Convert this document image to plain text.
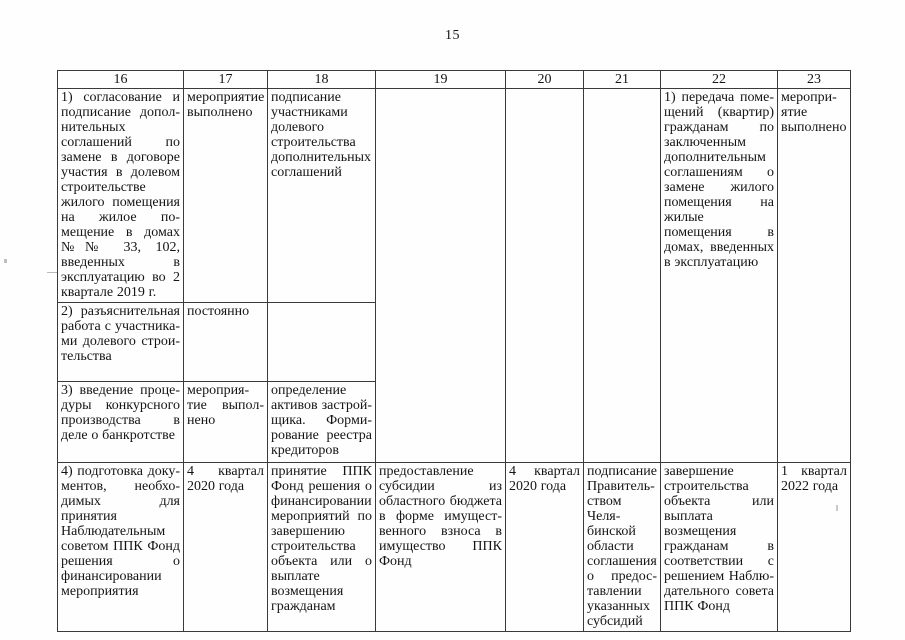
15
16	17	18	19	20	21	22	23
1) согласование и подписание дополнительных соглашений по замене в договоре участия в долевом строительстве жилого помещения на жилое помещение в домах №№ 33, 102, введенных в эксплуатацию во 2 квартале 2019 г.	мероприятие выполнено	подписание участниками долевого строительства дополнительных соглашений				1) передача помещений (квартир) гражданам по заключенным дополнительным соглашениям о замене жилого помещения на жилые помещения в домах, введенных в эксплуатацию	мероприятие выполнено
2) разъяснительная работа с участниками долевого строительства	постоянно						
3) введение процедуры конкурсного производства в деле о банкротстве	мероприятие выполнено	определение активов застройщика. Формирование реестра кредиторов					
4) подготовка документов, необходимых для принятия Наблюдательным советом ППК Фонд решения о финансировании мероприятия	4 квартал 2020 года	принятие ППК Фонд решения о финансировании мероприятий по завершению строительства объекта или о выплате возмещения гражданам	предоставление субсидии из областного бюджета в форме имущественного взноса в имущество ППК Фонд	4 квартал 2020 года	подписание Правительством Челябинской области соглашения о предоставлении указанных субсидий	завершение строительства объекта или выплата возмещения гражданам в соответствии с решением Наблюдательного совета ППК Фонд	1 квартал 2022 года
